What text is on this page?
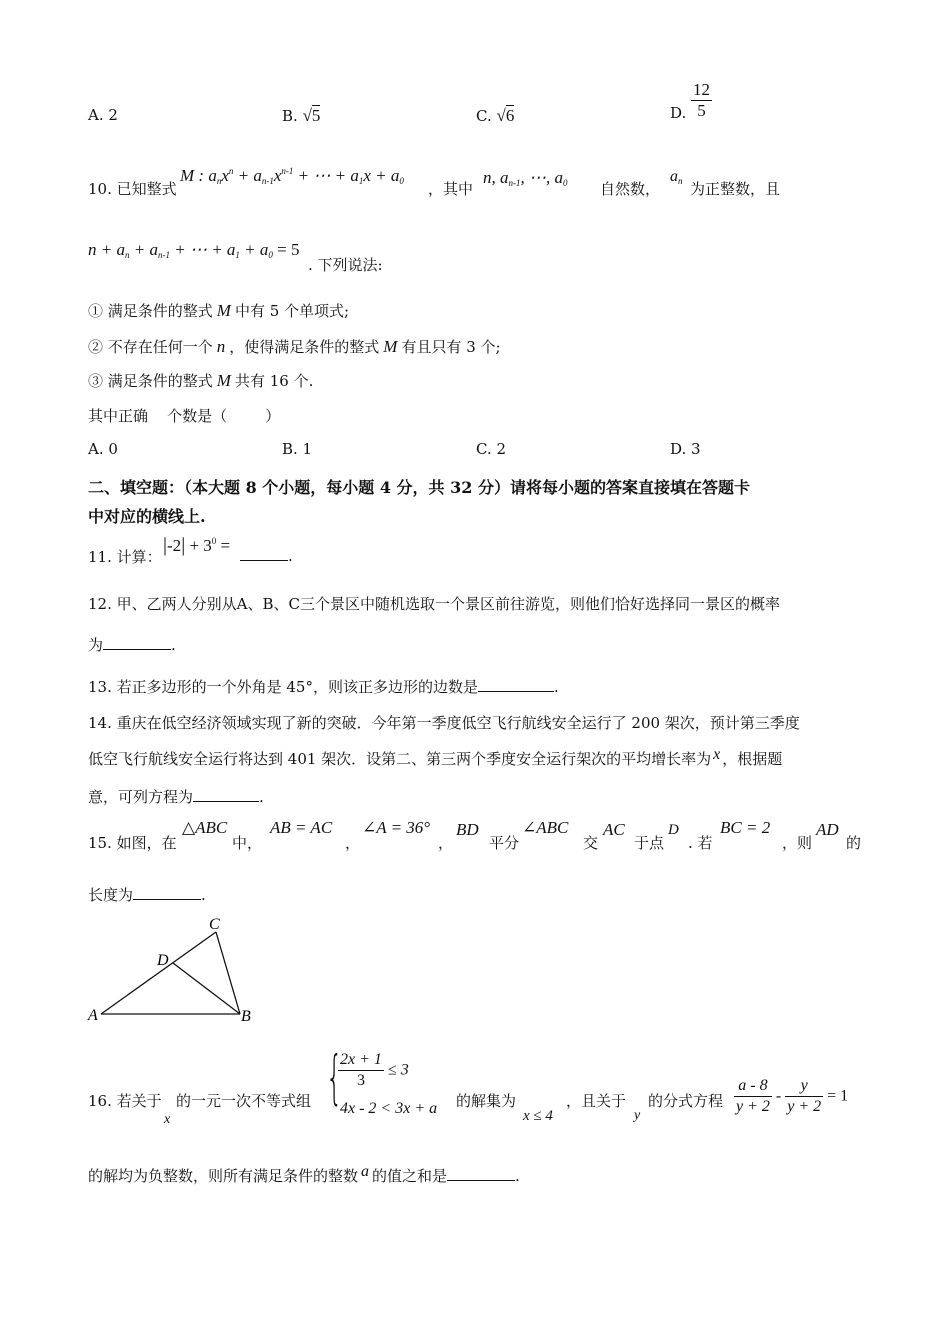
A. 2	B. √5	C. √6	D. $\frac{12}{5}$
10. 已知整式
M : $a_nx^n + a_{n-1}x^{n-1}$ + ⋯ + $a_1x + a_0$ ，其中
n, $a_{n-1}$, ⋯, $a_0$ 自然数，
$a_n$ 为正整数，且
$n + a_n + a_{n-1}$ + ⋯ + $a_1 + a_0 = 5$
. 下列说法:
① 满足条件的整式 M 中有 5 个单项式;
② 不存在任何一个 n ，使得满足条件的整式 M 有且只有 3 个;
③ 满足条件的整式 M 共有 16 个.
其中正确    个数是（        ）
A. 0	B. 1	C. 2	D. 3
二、填空题：（本大题 8 个小题，每小题 4 分，共 32 分）请将每小题的答案直接填在答题卡
中对应的横线上.
11. 计算：
$|-2| + 3^0$ =
.
12. 甲、乙两人分别从A、B、C三个景区中随机选取一个景区前往游览，则他们恰好选择同一景区的概率
为	.
13. 若正多边形的一个外角是 45°，则该正多边形的边数是	.
14. 重庆在低空经济领域实现了新的突破．今年第一季度低空飞行航线安全运行了 200 架次，预计第三季度
低空飞行航线安全运行将达到 401 架次．设第二、第三两个季度安全运行架次的平均增长率为 x ，根据题
意，可列方程为	.
15. 如图，在
△ABC
中，
AB = AC
，
∠A = 36°
，
BD
平分
∠ABC
交
AC
于点
D
. 若
BC = 2
，则
AD
的
长度为	.
A	B
C
D
16. 若关于
x
的一元一次不等式组 {
$\frac{2x + 1}{3} \le 3$
4x - 2 < 3x + a 的解集为
x ≤ 4
，且关于
y
的分式方程 $\frac{a - 8}{y + 2} - \frac{y}{y + 2} = 1$
的解均为负整数，则所有满足条件的整数 a 的值之和是	.
